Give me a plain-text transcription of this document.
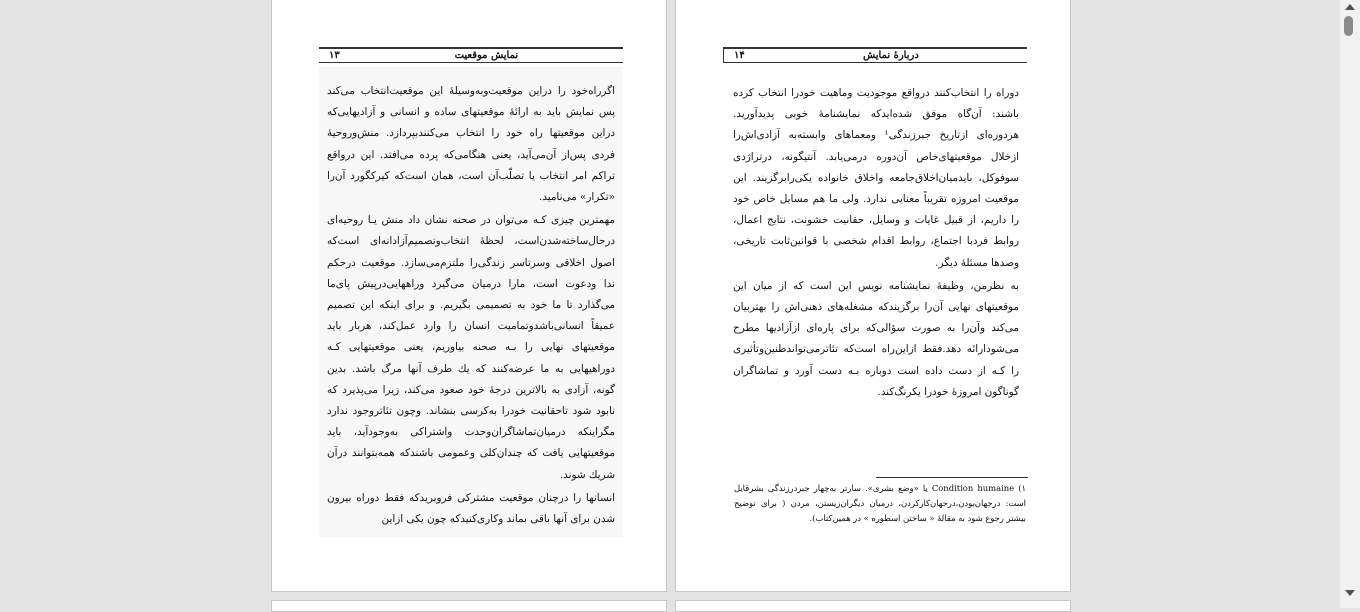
نمایش موقعیت
۱۳

اگرراه‌خود را دراین موقعیت‌وبه‌وسیلۀ این موقعیت‌انتخاب می‌کند پس نمایش باید به ارائۀ موقعیتهای ساده و انسانی و آزادیهایی‌که دراین موقعیتها راه‌ خود را انتخاب می‌کنندبپردازد. منش‌وروحیۀ فردی پس‌از آن‌می‌آید، یعنی هنگامی‌که پرده می‌افتد. این درواقع تراکم امر انتخاب یا تصلّب‌آن است، همان است‌که کیرکگورد آن‌را «تکرار» می‌نامید.

مهمترین چیزی کـه می‌توان در صحنه نشان داد منش یـا روحیه‌ای درحال‌ساخته‌شدن‌است، لحظۀ انتخاب‌وتصمیم‌آزادانه‌ای است‌که اصول اخلاقی وسرتاسر زندگی‌را ملتزم‌می‌سازد. موقعیت درحکم ندا ودعوت است، مارا درمیان می‌گیرد وراههایی‌درپیش پای‌ما می‌گذارد تا ما خود به تصمیمی بگیریم. و برای اینکه این تصمیم عمیقاً انسانی‌باشدوتمامیت انسان را وارد عمل‌کند، هربار باید موقعیتهای نهایی را بـه صحنه بیاوریم، یعنی موقعیتهایی کـه دوراهیهایی به ما عرضه‌کنند که یك طرف آنها مرگ باشد. بدین گونه، آزادی به بالاترین درجۀ خود صعود می‌کند، زیرا می‌پذیرد که نابود شود تاحقانیت خودرا به‌کرسی بنشاند. وچون تئاتروجود ندارد مگراینکه درمیان‌تماشاگران‌وحدت واشتراکی به‌وجودآید، باید موقعیتهایی یافت که چندان‌کلی وعمومی باشندکه همه‌بتوانند درآن شریك شوند.

انسانها را درچنان موقعیت مشترکی فروبریدکه فقط دوراه بیرون شدن برای آنها باقی بماند وکاری‌کنیدکه چون یکی ازاین

دربارۀ نمایش
۱۴

دوراه را انتخاب‌کنند درواقع موجودیت وماهیت خودرا انتخاب کرده باشند: آن‌گاه موفق شده‌ایدکه نمایشنامۀ خوبی پدیدآورید. هردوره‌ای ازتاریخ جبرزندگی¹ ومعماهای وابسته‌به آزادی‌اش‌را ازخلال موقعیتهای‌خاص آن‌دوره درمی‌یابد. آنتیگونه، درتراژدی سوفوکل، بایدمیان‌اخلاق‌جامعه واخلاق خانواده یکی‌رابرگزیند. این موقعیت امروزه تقریباً معنایی ندارد. ولی ما هم مسایل خاص خود را داریم، از قبیل غایات و وسایل، حقانیت خشونت، نتایج اعمال، روابط فردبا اجتماع، روابط اقدام شخصی با قوانین‌ثابت تاریخی، وصدها مسئلۀ دیگر.

به نظرمن، وظیفۀ نمایشنامه نویس این است که از میان این موقعیتهای نهایی آن‌را برگزیندکه مشغله‌های ذهنی‌اش را بهتربیان می‌کند وآن‌را به صورت سؤالی‌که برای پاره‌ای ازآزادیها مطرح می‌شودارائه دهد.فقط ازاین‌راه است‌که تئاترمی‌تواندطنین‌وتأثیری را کـه از دست داده است دوباره بـه دست آورد و تماشاگران گوناگون امروزۀ خودرا یکرنگ‌کند.

۱) Condition humaine یا «وضع بشری». سارتر به‌چهار جبردرزندگی بشرقایل است: درجهان‌بودن،درجهان‌کارکردن، درمیان دیگران‌زیستن، مردن ( برای توضیح بیشتر رجوع شود به مقالۀ « ساختن اسطوره » در همین‌کتاب).
